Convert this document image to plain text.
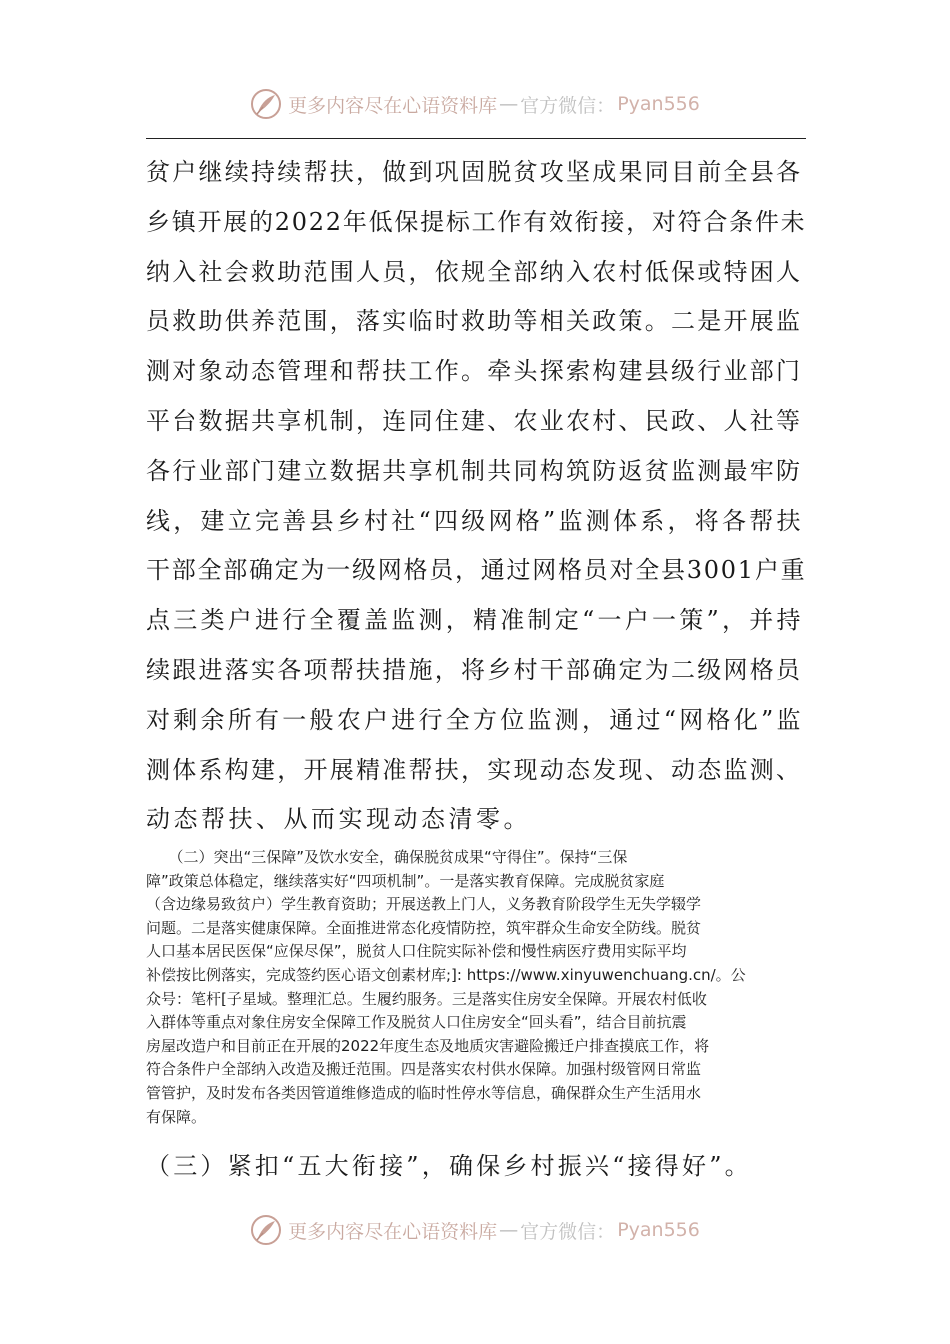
更多内容尽在心语资料库 — 官方微信： Pyan556

贫户继续持续帮扶，做到巩固脱贫攻坚成果同目前全县各
乡镇开展的2022年低保提标工作有效衔接，对符合条件未
纳入社会救助范围人员，依规全部纳入农村低保或特困人
员救助供养范围，落实临时救助等相关政策。二是开展监
测对象动态管理和帮扶工作。牵头探索构建县级行业部门
平台数据共享机制，连同住建、农业农村、民政、人社等
各行业部门建立数据共享机制共同构筑防返贫监测最牢防
线，建立完善县乡村社“四级网格”监测体系，将各帮扶
干部全部确定为一级网格员，通过网格员对全县3001户重
点三类户进行全覆盖监测，精准制定“一户一策”，并持
续跟进落实各项帮扶措施，将乡村干部确定为二级网格员
对剩余所有一般农户进行全方位监测，通过“网格化”监
测体系构建，开展精准帮扶，实现动态发现、动态监测、
动态帮扶、从而实现动态清零。

　　（二）突出“三保障”及饮水安全，确保脱贫成果“守得住”。保持“三保
障”政策总体稳定，继续落实好“四项机制”。一是落实教育保障。完成脱贫家庭
（含边缘易致贫户）学生教育资助；开展送教上门人，义务教育阶段学生无失学辍学
问题。二是落实健康保障。全面推进常态化疫情防控，筑牢群众生命安全防线。脱贫
人口基本居民医保“应保尽保”，脱贫人口住院实际补偿和慢性病医疗费用实际平均
补偿按比例落实，完成签约医心语文创素材库;]: https://www.xinyuwenchuang.cn/。公
众号：笔杆[子星域。整理汇总。生履约服务。三是落实住房安全保障。开展农村低收
入群体等重点对象住房安全保障工作及脱贫人口住房安全“回头看”，结合目前抗震
房屋改造户和目前正在开展的2022年度生态及地质灾害避险搬迁户排查摸底工作，将
符合条件户全部纳入改造及搬迁范围。四是落实农村供水保障。加强村级管网日常监
管管护，及时发布各类因管道维修造成的临时性停水等信息，确保群众生产生活用水
有保障。

（三）紧扣“五大衔接”，确保乡村振兴“接得好”。

更多内容尽在心语资料库 — 官方微信： Pyan556
